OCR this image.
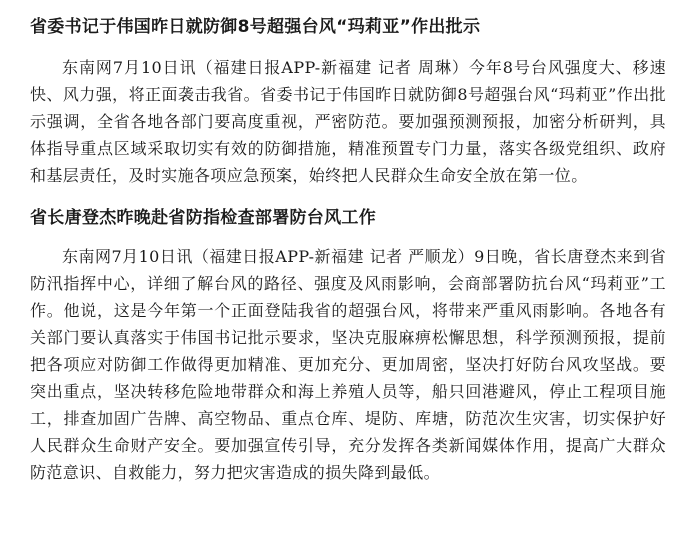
省委书记于伟国昨日就防御8号超强台风“玛莉亚”作出批示

东南网7月10日讯（福建日报APP-新福建 记者 周琳）今年8号台风强度大、移速快、风力强，将正面袭击我省。省委书记于伟国昨日就防御8号超强台风“玛莉亚”作出批示强调，全省各地各部门要高度重视，严密防范。要加强预测预报，加密分析研判，具体指导重点区域采取切实有效的防御措施，精准预置专门力量，落实各级党组织、政府和基层责任，及时实施各项应急预案，始终把人民群众生命安全放在第一位。

省长唐登杰昨晚赴省防指检查部署防台风工作

东南网7月10日讯（福建日报APP-新福建 记者 严顺龙）9日晚，省长唐登杰来到省防汛指挥中心，详细了解台风的路径、强度及风雨影响，会商部署防抗台风“玛莉亚”工作。他说，这是今年第一个正面登陆我省的超强台风，将带来严重风雨影响。各地各有关部门要认真落实于伟国书记批示要求，坚决克服麻痹松懈思想，科学预测预报，提前把各项应对防御工作做得更加精准、更加充分、更加周密，坚决打好防台风攻坚战。要突出重点，坚决转移危险地带群众和海上养殖人员等，船只回港避风，停止工程项目施工，排查加固广告牌、高空物品、重点仓库、堤防、库塘，防范次生灾害，切实保护好人民群众生命财产安全。要加强宣传引导，充分发挥各类新闻媒体作用，提高广大群众防范意识、自救能力，努力把灾害造成的损失降到最低。
